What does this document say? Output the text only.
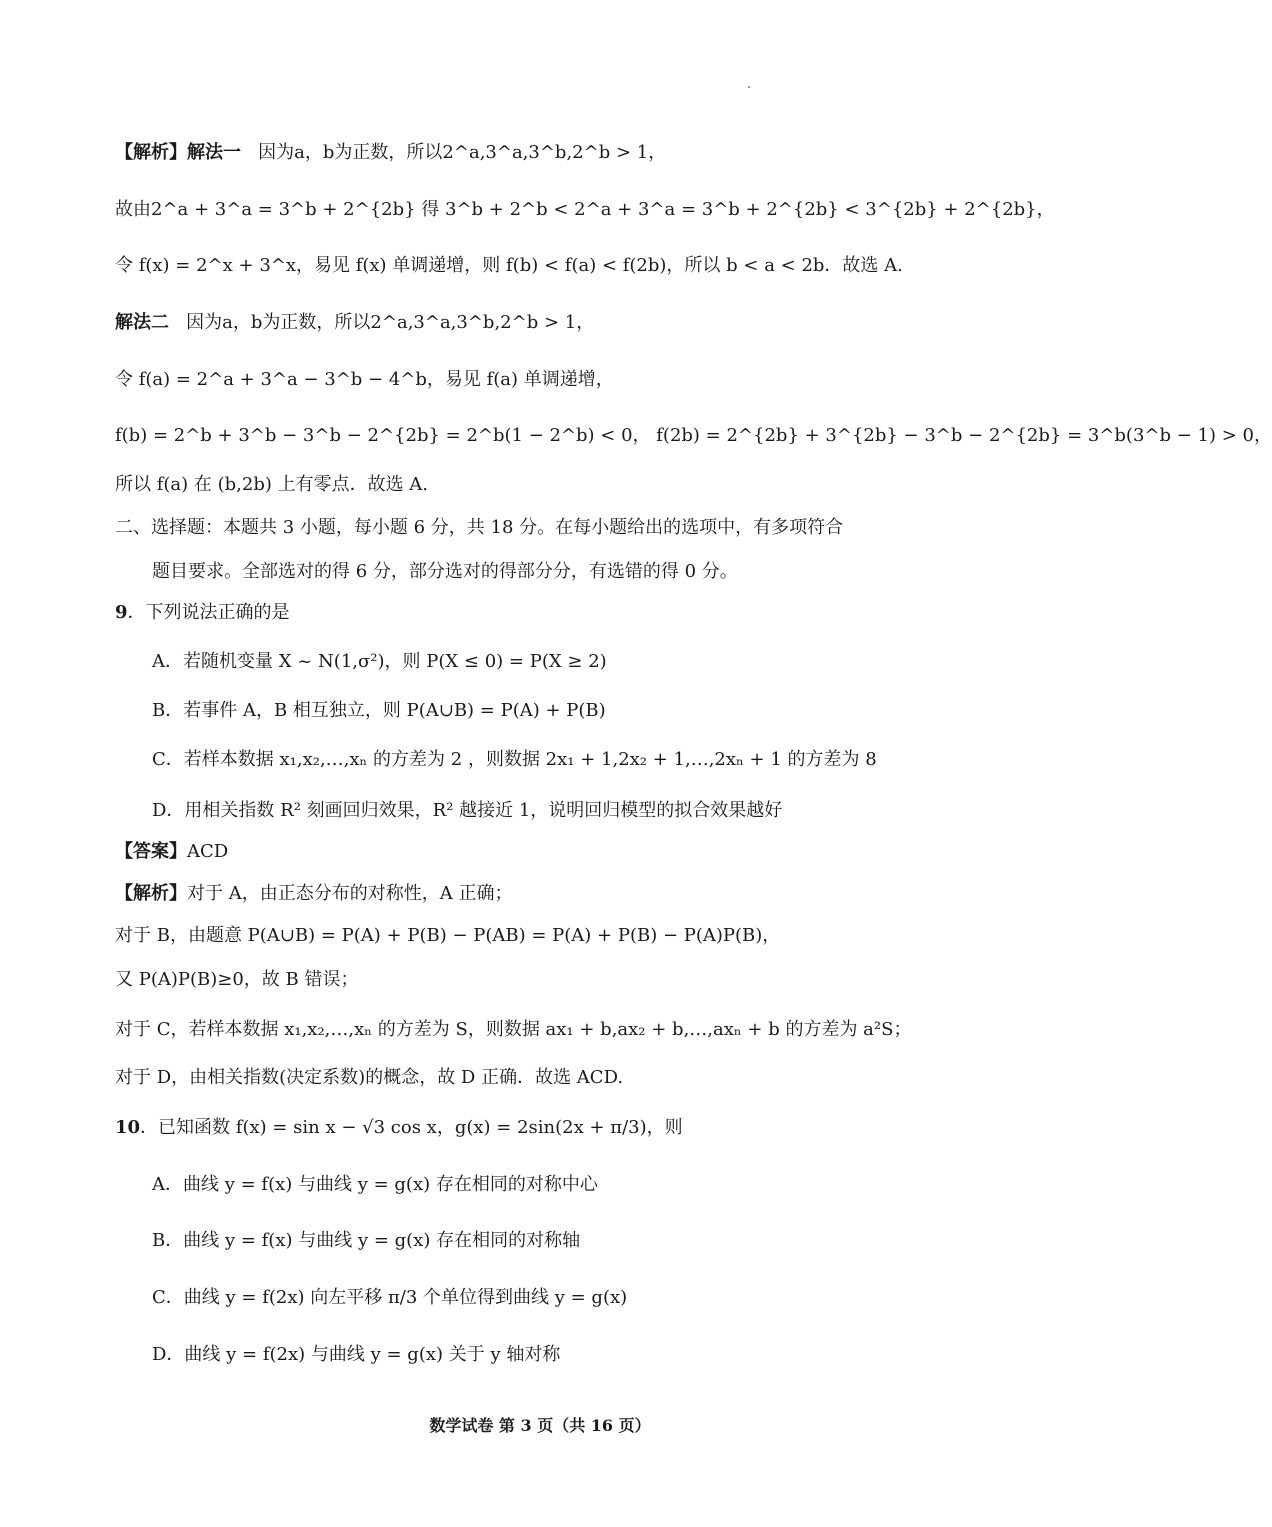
【解析】解法一 因为a，b为正数，所以2^a,3^a,3^b,2^b > 1，
故由2^a + 3^a = 3^b + 2^{2b} 得 3^b + 2^b < 2^a + 3^a = 3^b + 2^{2b} < 3^{2b} + 2^{2b}，
令 f(x) = 2^x + 3^x，易见 f(x) 单调递增，则 f(b) < f(a) < f(2b)，所以 b < a < 2b．故选 A.
解法二 因为a，b为正数，所以2^a,3^a,3^b,2^b > 1，
令 f(a) = 2^a + 3^a − 3^b − 4^b，易见 f(a) 单调递增，
f(b) = 2^b + 3^b − 3^b − 2^{2b} = 2^b(1 − 2^b) < 0， f(2b) = 2^{2b} + 3^{2b} − 3^b − 2^{2b} = 3^b(3^b − 1) > 0，
所以 f(a) 在 (b,2b) 上有零点．故选 A.
二、选择题：本题共 3 小题，每小题 6 分，共 18 分。在每小题给出的选项中，有多项符合
题目要求。全部选对的得 6 分，部分选对的得部分分，有选错的得 0 分。
9．下列说法正确的是
A．若随机变量 X ~ N(1,σ²)，则 P(X ≤ 0) = P(X ≥ 2)
B．若事件 A，B 相互独立，则 P(A∪B) = P(A) + P(B)
C．若样本数据 x₁,x₂,…,xₙ 的方差为 2 ，则数据 2x₁ + 1,2x₂ + 1,…,2xₙ + 1 的方差为 8
D．用相关指数 R² 刻画回归效果，R² 越接近 1，说明回归模型的拟合效果越好
【答案】ACD
【解析】对于 A，由正态分布的对称性，A 正确；
对于 B，由题意 P(A∪B) = P(A) + P(B) − P(AB) = P(A) + P(B) − P(A)P(B)，
又 P(A)P(B)≥0，故 B 错误；
对于 C，若样本数据 x₁,x₂,…,xₙ 的方差为 S，则数据 ax₁ + b,ax₂ + b,…,axₙ + b 的方差为 a²S；
对于 D，由相关指数(决定系数)的概念，故 D 正确．故选 ACD.
10．已知函数 f(x) = sin x − √3 cos x，g(x) = 2sin(2x + π/3)，则
A．曲线 y = f(x) 与曲线 y = g(x) 存在相同的对称中心
B．曲线 y = f(x) 与曲线 y = g(x) 存在相同的对称轴
C．曲线 y = f(2x) 向左平移 π/3 个单位得到曲线 y = g(x)
D．曲线 y = f(2x) 与曲线 y = g(x) 关于 y 轴对称
数学试卷 第 3 页（共 16 页）
